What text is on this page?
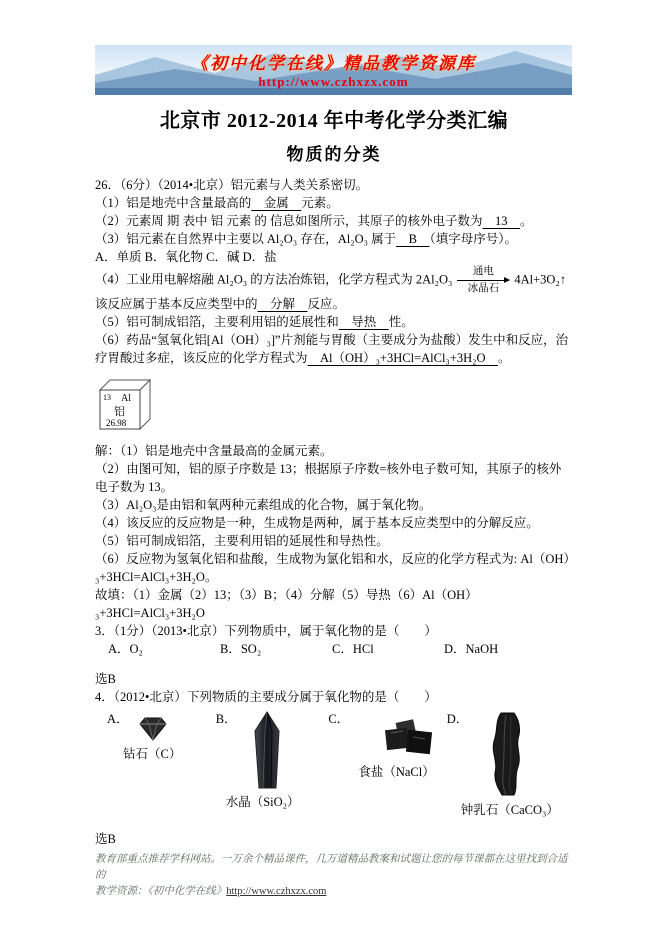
《初中化学在线》精品教学资源库
http://www.czhxzx.com
北京市 2012-2014 年中考化学分类汇编
物质的分类

26．（6分）（2014•北京）铝元素与人类关系密切。

（1）铝是地壳中含量最高的　金属　元素。

（2）元素周 期 表中 铝 元素 的 信息如图所示，其原子的核外电子数为　13　。

（3）铝元素在自然界中主要以 Al₂O₃ 存在，Al₂O₃ 属于　B　（填字母序号）。

A．单质 B．氧化物 C．碱 D．盐

（4）工业用电解熔融 Al₂O₃ 的方法冶炼铝，化学方程式为 2Al₂O₃
通电
冰晶石
4Al+3O₂↑

该反应属于基本反应类型中的　分解　反应。

（5）铝可制成铝箔，主要利用铝的延展性和　导热　性。

（6）药品“氢氧化铝[Al（OH）₃]”片剂能与胃酸（主要成分为盐酸）发生中和反应，治疗胃酸过多症，该反应的化学方程式为　Al（OH）₃+3HCl=AlCl₃+3H₂O　。

13 Al
铝
26.98

解：（1）铝是地壳中含量最高的金属元素。

（2）由图可知，铝的原子序数是 13；根据原子序数=核外电子数可知，其原子的核外电子数为 13。

（3）Al₂O₃是由铝和氧两种元素组成的化合物，属于氧化物。

（4）该反应的反应物是一种，生成物是两种，属于基本反应类型中的分解反应。

（5）铝可制成铝箔，主要利用铝的延展性和导热性。

（6）反应物为氢氧化铝和盐酸，生成物为氯化铝和水，反应的化学方程式为: Al（OH）₃+3HCl=AlCl₃+3H₂O。

故填：（1）金属（2）13；（3）B；（4）分解（5）导热（6）Al（OH）₃+3HCl=AlCl₃+3H₂O

3．（1分）（2013•北京）下列物质中，属于氧化物的是（　　）

A．O₂	B．SO₂	C．HCl	D．NaOH

选B

4．（2012•北京）下列物质的主要成分属于氧化物的是（　　）

A．
钻石（C）
B．
水晶（SiO₂）
C．
食盐（NaCl）
D．
钟乳石（CaCO₃）

选B

教育部重点推荐学科网站。一万余个精品课件，几万道精品教案和试题让您的每节课都在这里找到合适的
教学资源：《初中化学在线》http://www.czhxzx.com
